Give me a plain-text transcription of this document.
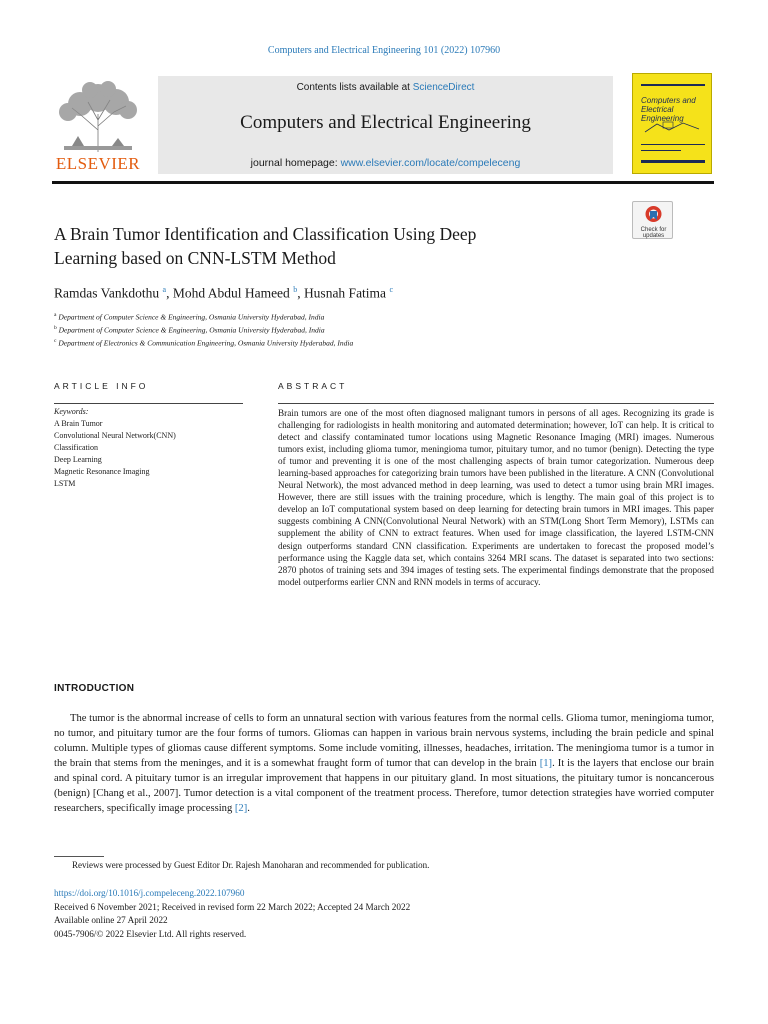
Computers and Electrical Engineering 101 (2022) 107960
ELSEVIER
Contents lists available at ScienceDirect
Computers and Electrical Engineering
journal homepage: www.elsevier.com/locate/compeleceng
Computers and
Electrical Engineering
A Brain Tumor Identification and Classification Using Deep
Learning based on CNN-LSTM Method
Check for
updates
Ramdas Vankdothu $^a$, Mohd Abdul Hameed $^b$, Husnah Fatima $^c$
$^a$ Department of Computer Science & Engineering, Osmania University Hyderabad, India
$^b$ Department of Computer Science & Engineering, Osmania University Hyderabad, India
$^c$ Department of Electronics & Communication Engineering, Osmania University Hyderabad, India
ARTICLE INFO
Keywords:
A Brain Tumor
Convolutional Neural Network(CNN)
Classification
Deep Learning
Magnetic Resonance Imaging
LSTM
ABSTRACT
Brain tumors are one of the most often diagnosed malignant tumors in persons of all ages. Recognizing its grade is challenging for radiologists in health monitoring and automated determination; however, IoT can help. It is critical to detect and classify contaminated tumor locations using Magnetic Resonance Imaging (MRI) images. Numerous tumors exist, including glioma tumor, meningioma tumor, pituitary tumor, and no tumor (benign). Detecting the type of tumor and preventing it is one of the most challenging aspects of brain tumor categorization. Numerous deep learning-based approaches for categorizing brain tumors have been published in the literature. A CNN (Convolutional Neural Network), the most advanced method in deep learning, was used to detect a tumor using brain MRI images. However, there are still issues with the training procedure, which is lengthy. The main goal of this project is to develop an IoT computational system based on deep learning for detecting brain tumors in MRI images. This paper suggests combining A CNN(Convolutional Neural Network) with an STM(Long Short Term Memory), LSTMs can supplement the ability of CNN to extract features. When used for image classification, the layered LSTM-CNN design outperforms standard CNN classification. Experiments are undertaken to forecast the proposed model’s performance using the Kaggle data set, which contains 3264 MRI scans. The dataset is separated into two sections: 2870 photos of training sets and 394 images of testing sets. The experimental findings demonstrate that the proposed model outperforms earlier CNN and RNN models in terms of accuracy.
INTRODUCTION
The tumor is the abnormal increase of cells to form an unnatural section with various features from the normal cells. Glioma tumor, meningioma tumor, no tumor, and pituitary tumor are the four forms of tumors. Gliomas can happen in various brain nervous systems, including the brain pedicle and spinal column. Multiple types of gliomas cause different symptoms. Some include vomiting, illnesses, headaches, irritation. The meningioma tumor is a tumor in the brain that stems from the meninges, and it is a somewhat fraught form of tumor that can develop in the brain [1]. It is the layers that enclose our brain and spinal cord. A pituitary tumor is an irregular improvement that happens in our pituitary gland. In most situations, the pituitary tumor is noncancerous (benign) [Chang et al., 2007]. Tumor detection is a vital component of the treatment process. Therefore, tumor detection strategies have worried computer researchers, specifically image processing [2].
Reviews were processed by Guest Editor Dr. Rajesh Manoharan and recommended for publication.
https://doi.org/10.1016/j.compeleceng.2022.107960
Received 6 November 2021; Received in revised form 22 March 2022; Accepted 24 March 2022
Available online 27 April 2022
0045-7906/© 2022 Elsevier Ltd. All rights reserved.
